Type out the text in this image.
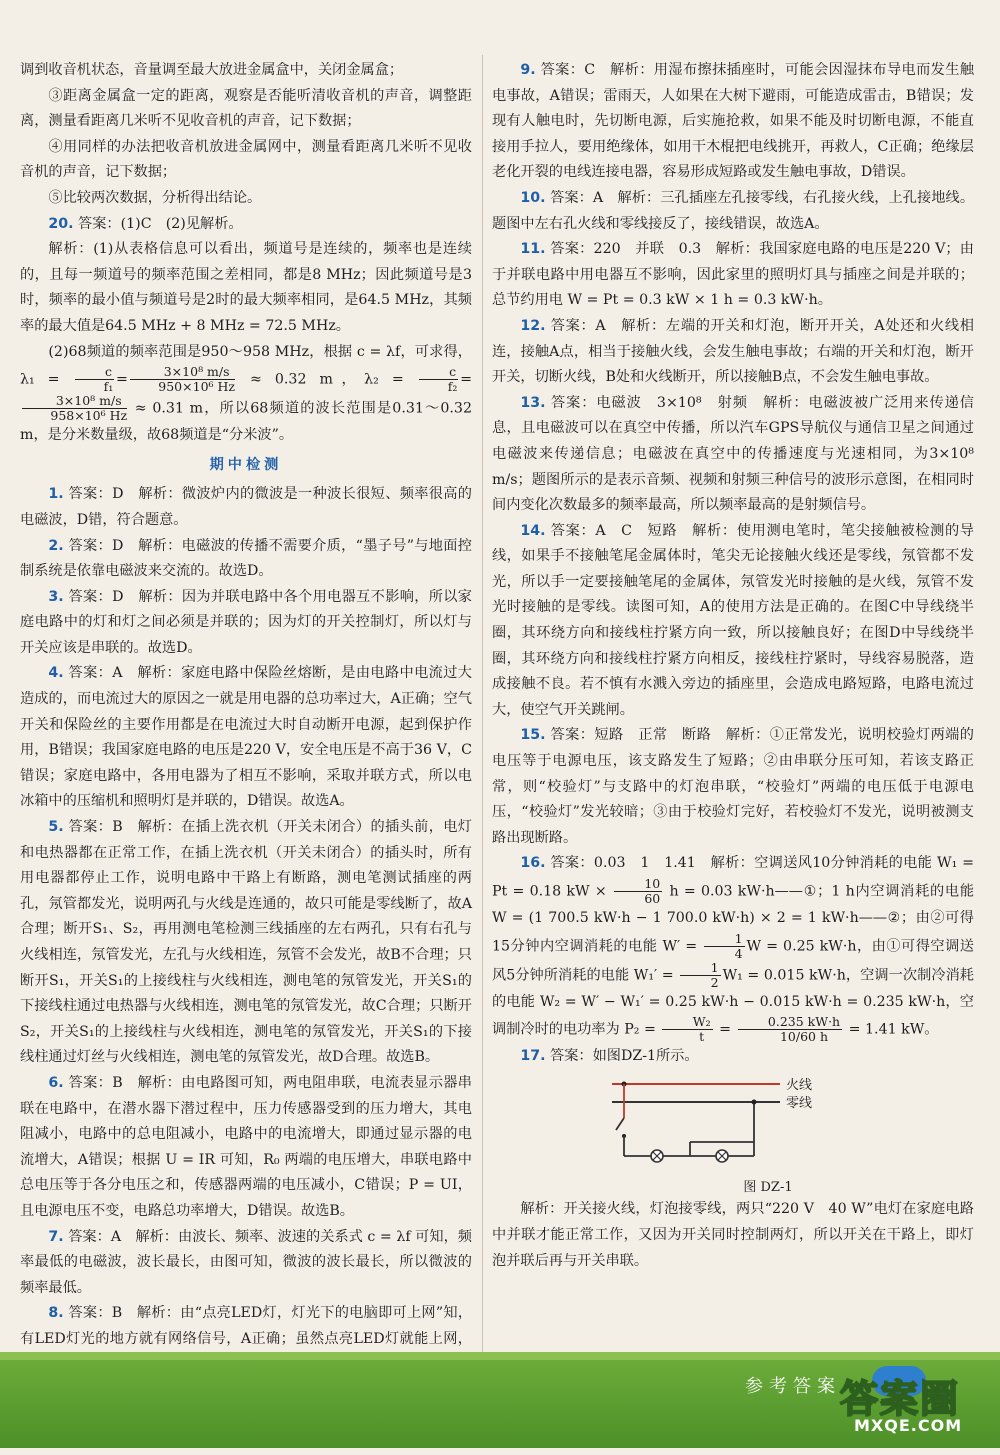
调到收音机状态，音量调至最大放进金属盒中，关闭金属盒；

③距离金属盒一定的距离，观察是否能听清收音机的声音，调整距离，测量看距离几米听不见收音机的声音，记下数据；

④用同样的办法把收音机放进金属网中，测量看距离几米听不见收音机的声音，记下数据；

⑤比较两次数据，分析得出结论。

20. 答案：(1)C　(2)见解析。

解析：(1)从表格信息可以看出，频道号是连续的，频率也是连续的，且每一频道号的频率范围之差相同，都是8 MHz；因此频道号是3时，频率的最小值与频道号是2时的最大频率相同，是64.5 MHz，其频率的最大值是64.5 MHz + 8 MHz = 72.5 MHz。

(2)68频道的频率范围是950～958 MHz，根据 c = λf，可求得，$\lambda_1 = \frac{c}{\text{f₁}} = \frac{\text{3×10⁸ m/s}}{\text{950×10⁶ Hz}} \approx 0.32$ m，$\lambda_2 = \frac{c}{\text{f₂}}$ =
$\frac{\text{3×10⁸ m/s}}{\text{958×10⁶ Hz}} \approx 0.31$ m，所以68频道的波长范围是0.31～0.32 m，是分米数量级，故68频道是“分米波”。

期中检测

1. 答案：D　解析：微波炉内的微波是一种波长很短、频率很高的电磁波，D错，符合题意。

2. 答案：D　解析：电磁波的传播不需要介质，“墨子号”与地面控制系统是依靠电磁波来交流的。故选D。

3. 答案：D　解析：因为并联电路中各个用电器互不影响，所以家庭电路中的灯和灯之间必须是并联的；因为灯的开关控制灯，所以灯与开关应该是串联的。故选D。

4. 答案：A　解析：家庭电路中保险丝熔断，是由电路中电流过大造成的，而电流过大的原因之一就是用电器的总功率过大，A正确；空气开关和保险丝的主要作用都是在电流过大时自动断开电源，起到保护作用，B错误；我国家庭电路的电压是220 V，安全电压是不高于36 V，C错误；家庭电路中，各用电器为了相互不影响，采取并联方式，所以电冰箱中的压缩机和照明灯是并联的，D错误。故选A。

5. 答案：B　解析：在插上洗衣机（开关未闭合）的插头前，电灯和电热器都在正常工作，在插上洗衣机（开关未闭合）的插头时，所有用电器都停止工作，说明电路中干路上有断路，测电笔测试插座的两孔，氖管都发光，说明两孔与火线是连通的，故只可能是零线断了，故A合理；断开S₁、S₂，再用测电笔检测三线插座的左右两孔，只有右孔与火线相连，氖管发光，左孔与火线相连，氖管不会发光，故B不合理；只断开S₁，开关S₁的上接线柱与火线相连，测电笔的氖管发光，开关S₁的下接线柱通过电热器与火线相连，测电笔的氖管发光，故C合理；只断开S₂，开关S₁的上接线柱与火线相连，测电笔的氖管发光，开关S₁的下接线柱通过灯丝与火线相连，测电笔的氖管发光，故D合理。故选B。

6. 答案：B　解析：由电路图可知，两电阻串联，电流表显示器串联在电路中，在潜水器下潜过程中，压力传感器受到的压力增大，其电阻减小，电路中的总电阻减小，电路中的电流增大，即通过显示器的电流增大，A错误；根据 U = IR 可知，R₀ 两端的电压增大，串联电路中总电压等于各分电压之和，传感器两端的电压减小，C错误；P = UI，且电源电压不变，电路总功率增大，D错误。故选B。

7. 答案：A　解析：由波长、频率、波速的关系式 c = λf 可知，频率最低的电磁波，波长最长，由图可知，微波的波长最长，所以微波的频率最低。

8. 答案：B　解析：由“点亮LED灯，灯光下的电脑即可上网”知，有LED灯光的地方就有网络信号，A正确；虽然点亮LED灯就能上网，

9. 答案：C　解析：用湿布擦抹插座时，可能会因湿抹布导电而发生触电事故，A错误；雷雨天，人如果在大树下避雨，可能造成雷击，B错误；发现有人触电时，先切断电源，后实施抢救，如果不能及时切断电源，不能直接用手拉人，要用绝缘体，如用干木棍把电线挑开，再救人，C正确；绝缘层老化开裂的电线连接电器，容易形成短路或发生触电事故，D错误。

10. 答案：A　解析：三孔插座左孔接零线，右孔接火线，上孔接地线。题图中左右孔火线和零线接反了，接线错误，故选A。

11. 答案：220　并联　0.3　解析：我国家庭电路的电压是220 V；由于并联电路中用电器互不影响，因此家里的照明灯具与插座之间是并联的；总节约用电 W = Pt = 0.3 kW × 1 h = 0.3 kW·h。

12. 答案：A　解析：左端的开关和灯泡，断开开关，A处还和火线相连，接触A点，相当于接触火线，会发生触电事故；右端的开关和灯泡，断开开关，切断火线，B处和火线断开，所以接触B点，不会发生触电事故。

13. 答案：电磁波　3×10⁸　射频　解析：电磁波被广泛用来传递信息，且电磁波可以在真空中传播，所以汽车GPS导航仪与通信卫星之间通过电磁波来传递信息；电磁波在真空中的传播速度与光速相同，为3×10⁸ m/s；题图所示的是表示音频、视频和射频三种信号的波形示意图，在相同时间内变化次数最多的频率最高，所以频率最高的是射频信号。

14. 答案：A　C　短路　解析：使用测电笔时，笔尖接触被检测的导线，如果手不接触笔尾金属体时，笔尖无论接触火线还是零线，氖管都不发光，所以手一定要接触笔尾的金属体，氖管发光时接触的是火线，氖管不发光时接触的是零线。读图可知，A的使用方法是正确的。在图C中导线绕半圈，其环绕方向和接线柱拧紧方向一致，所以接触良好；在图D中导线绕半圈，其环绕方向和接线柱拧紧方向相反，接线柱拧紧时，导线容易脱落，造成接触不良。若不慎有水溅入旁边的插座里，会造成电路短路，电路电流过大，使空气开关跳闸。

15. 答案：短路　正常　断路　解析：①正常发光，说明校验灯两端的电压等于电源电压，该支路发生了短路；②由串联分压可知，若该支路正常，则“校验灯”与支路中的灯泡串联，“校验灯”两端的电压低于电源电压，“校验灯”发光较暗；③由于校验灯完好，若校验灯不发光，说明被测支路出现断路。

16. 答案：0.03　1　1.41　解析：空调送风10分钟消耗的电能 W₁ = Pt = 0.18 kW × $\frac{10}{60}$ h = 0.03 kW·h——①；1 h内空调消耗的电能 W = (1 700.5 kW·h − 1 700.0 kW·h) × 2 = 1 kW·h——②；由②可得15分钟内空调消耗的电能 $W' = \frac{1}{4}$ W = 0.25 kW·h，由①可得空调送风5分钟所消耗的电能 $W_1' = \frac{1}{2} W_1 = 0.015$ kW·h，空调一次制冷消耗的电能 W₂ = W′ − W₁′ = 0.25 kW·h − 0.015 kW·h = 0.235 kW·h，空调制冷时的电功率为 $P_2 = \frac{\text{W₂}}{t} = \frac{0.235 kW\cdot h}{10/60 h} = 1.41$ kW。

17. 答案：如图DZ-1所示。

火线
零线
图 DZ-1

解析：开关接火线，灯泡接零线，两只“220 V　40 W”电灯在家庭电路中并联才能正常工作，又因为开关同时控制两灯，所以开关在干路上，即灯泡并联后再与开关串联。

参考答案 答案圈
MXQE.COM
